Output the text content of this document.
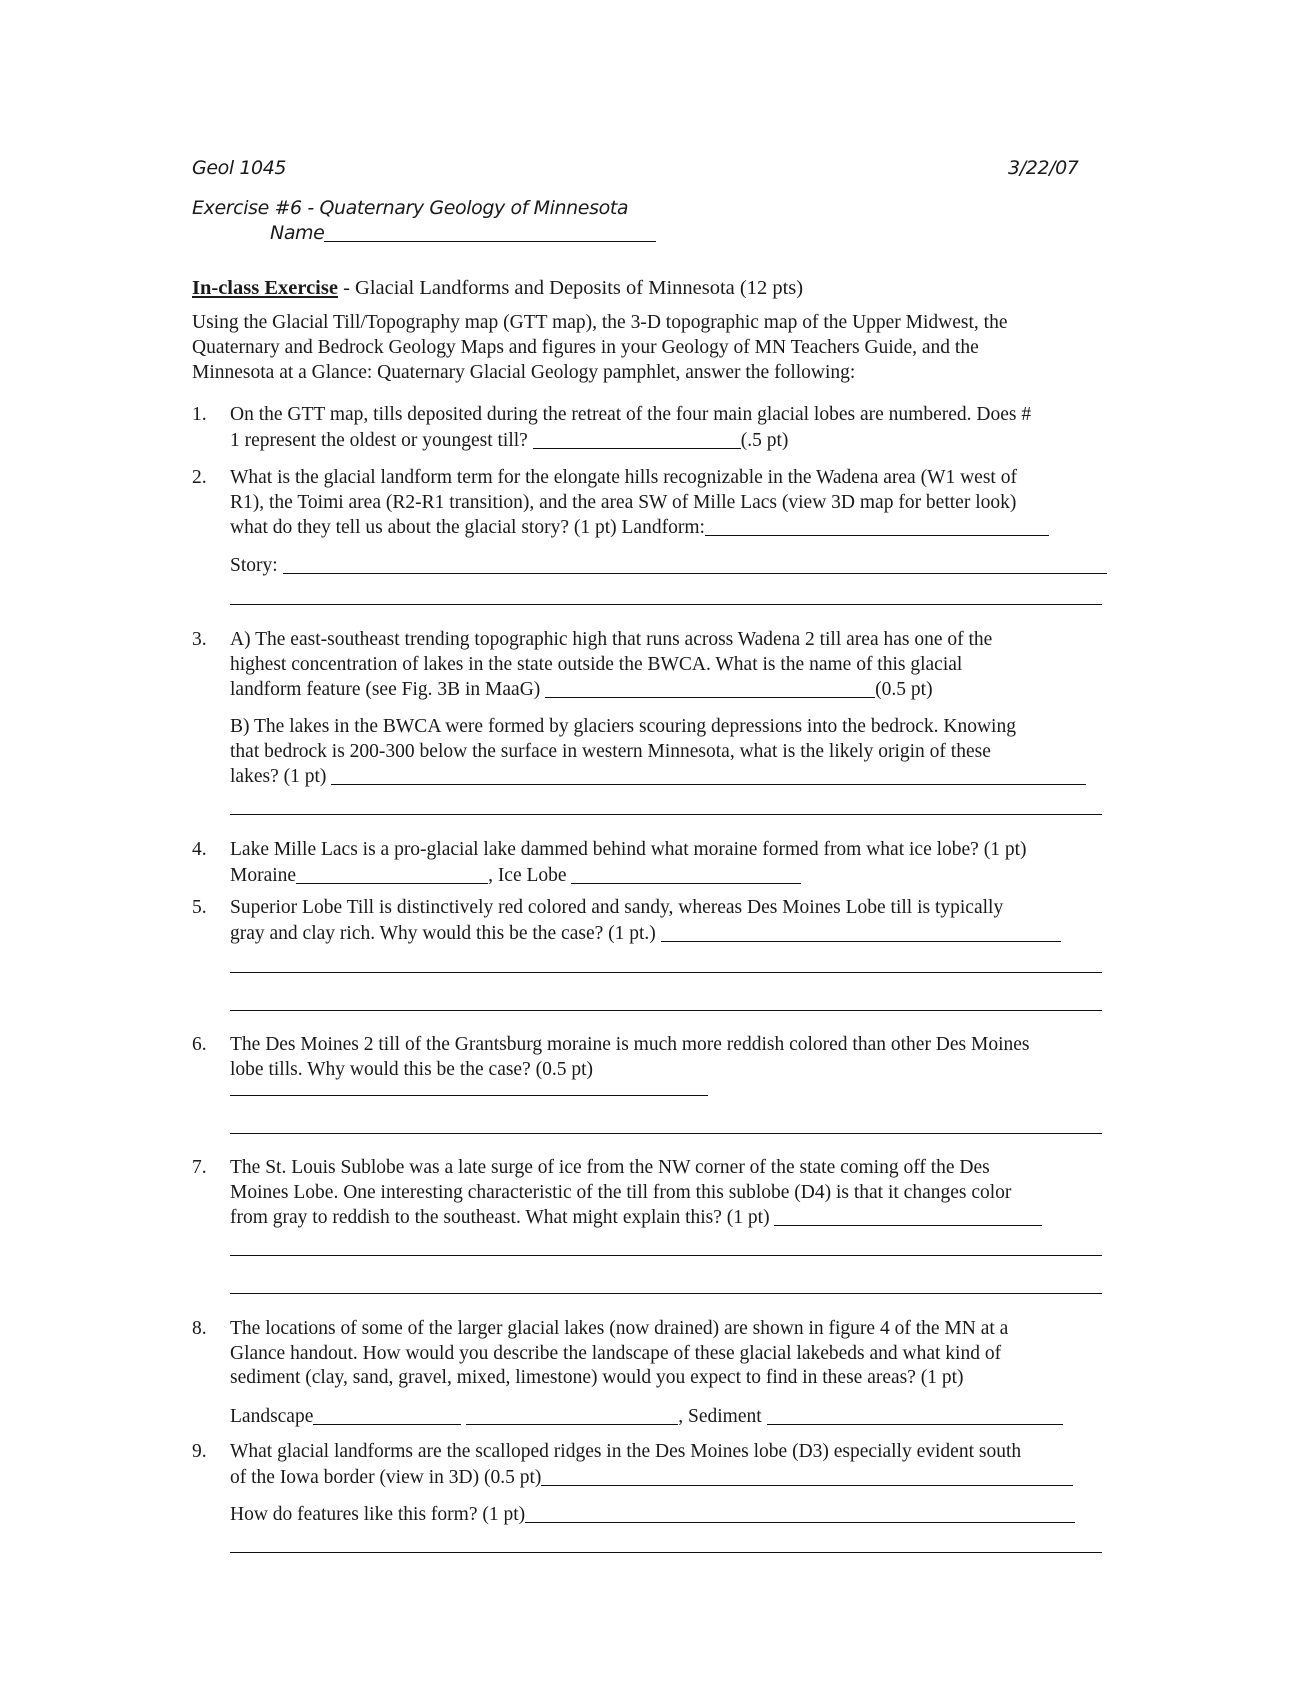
Geol 1045	3/22/07
Exercise #6 - Quaternary Geology of Minnesota
Name
In-class Exercise - Glacial Landforms and Deposits of Minnesota (12 pts)
Using the Glacial Till/Topography map (GTT map), the 3-D topographic map of the Upper Midwest, the
Quaternary and Bedrock Geology Maps and figures in your Geology of MN Teachers Guide, and the
Minnesota at a Glance: Quaternary Glacial Geology pamphlet, answer the following:
1. On the GTT map, tills deposited during the retreat of the four main glacial lobes are numbered. Does #
1 represent the oldest or youngest till?	(.5 pt)
2. What is the glacial landform term for the elongate hills recognizable in the Wadena area (W1 west of
R1), the Toimi area (R2-R1 transition), and the area SW of Mille Lacs (view 3D map for better look)
what do they tell us about the glacial story? (1 pt) Landform:
Story:
3. A) The east-southeast trending topographic high that runs across Wadena 2 till area has one of the
highest concentration of lakes in the state outside the BWCA. What is the name of this glacial
landform feature (see Fig. 3B in MaaG)	(0.5 pt)
B) The lakes in the BWCA were formed by glaciers scouring depressions into the bedrock. Knowing
that bedrock is 200-300 below the surface in western Minnesota, what is the likely origin of these
lakes? (1 pt)
4. Lake Mille Lacs is a pro-glacial lake dammed behind what moraine formed from what ice lobe? (1 pt)
Moraine	, Ice Lobe
5. Superior Lobe Till is distinctively red colored and sandy, whereas Des Moines Lobe till is typically
gray and clay rich. Why would this be the case? (1 pt.)
6. The Des Moines 2 till of the Grantsburg moraine is much more reddish colored than other Des Moines
lobe tills. Why would this be the case? (0.5 pt)
7. The St. Louis Sublobe was a late surge of ice from the NW corner of the state coming off the Des
Moines Lobe. One interesting characteristic of the till from this sublobe (D4) is that it changes color
from gray to reddish to the southeast. What might explain this? (1 pt)
8. The locations of some of the larger glacial lakes (now drained) are shown in figure 4 of the MN at a
Glance handout. How would you describe the landscape of these glacial lakebeds and what kind of
sediment (clay, sand, gravel, mixed, limestone) would you expect to find in these areas? (1 pt)
Landscape	, Sediment
9. What glacial landforms are the scalloped ridges in the Des Moines lobe (D3) especially evident south
of the Iowa border (view in 3D) (0.5 pt)
How do features like this form? (1 pt)
